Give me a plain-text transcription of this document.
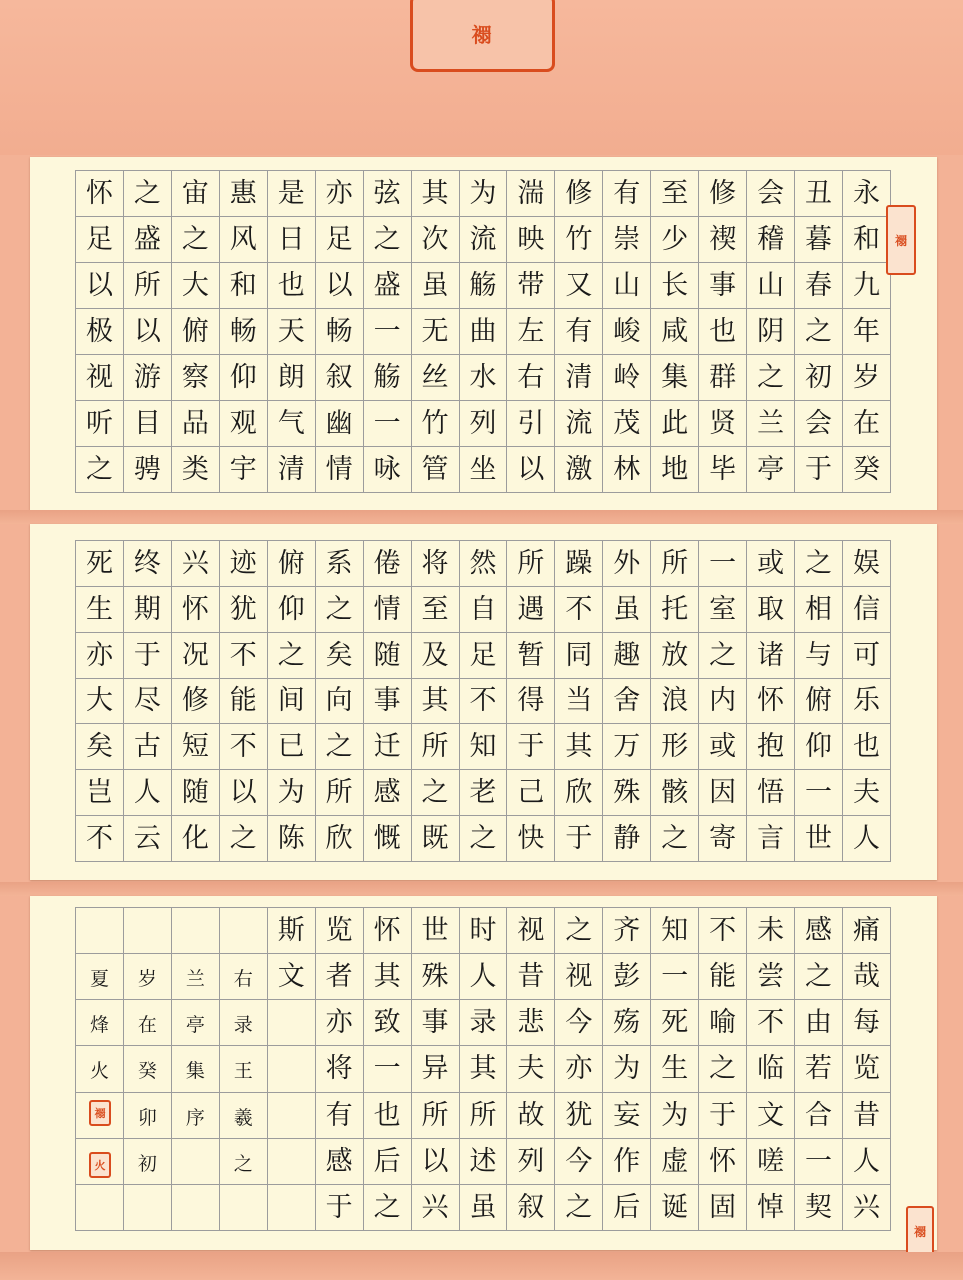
禤
怀	之	宙	惠	是	亦	弦	其	为	湍	修	有	至	修	会	丑	永
足	盛	之	风	日	足	之	次	流	映	竹	崇	少	禊	稽	暮	和
以	所	大	和	也	以	盛	虽	觞	带	又	山	长	事	山	春	九
极	以	俯	畅	天	畅	一	无	曲	左	有	峻	咸	也	阴	之	年
视	游	察	仰	朗	叙	觞	丝	水	右	清	岭	集	群	之	初	岁
听	目	品	观	气	幽	一	竹	列	引	流	茂	此	贤	兰	会	在
之	骋	类	宇	清	情	咏	管	坐	以	激	林	地	毕	亭	于	癸
禤
死	终	兴	迹	俯	系	倦	将	然	所	躁	外	所	一	或	之	娱
生	期	怀	犹	仰	之	情	至	自	遇	不	虽	托	室	取	相	信
亦	于	况	不	之	矣	随	及	足	暂	同	趣	放	之	诸	与	可
大	尽	修	能	间	向	事	其	不	得	当	舍	浪	内	怀	俯	乐
矣	古	短	不	已	之	迁	所	知	于	其	万	形	或	抱	仰	也
岂	人	随	以	为	所	感	之	老	己	欣	殊	骸	因	悟	一	夫
不	云	化	之	陈	欣	慨	既	之	快	于	静	之	寄	言	世	人
				斯	览	怀	世	时	视	之	齐	知	不	未	感	痛
夏	岁	兰	右	文	者	其	殊	人	昔	视	彭	一	能	尝	之	哉
烽	在	亭	录		亦	致	事	录	悲	今	殇	死	喻	不	由	每
火	癸	集	王		将	一	异	其	夫	亦	为	生	之	临	若	览
	卯	序	羲		有	也	所	所	故	犹	妄	为	于	文	合	昔
	初		之		感	后	以	述	列	今	作	虚	怀	嗟	一	人
					于	之	兴	虽	叙	之	后	诞	固	悼	契	兴
禤
火
禤
